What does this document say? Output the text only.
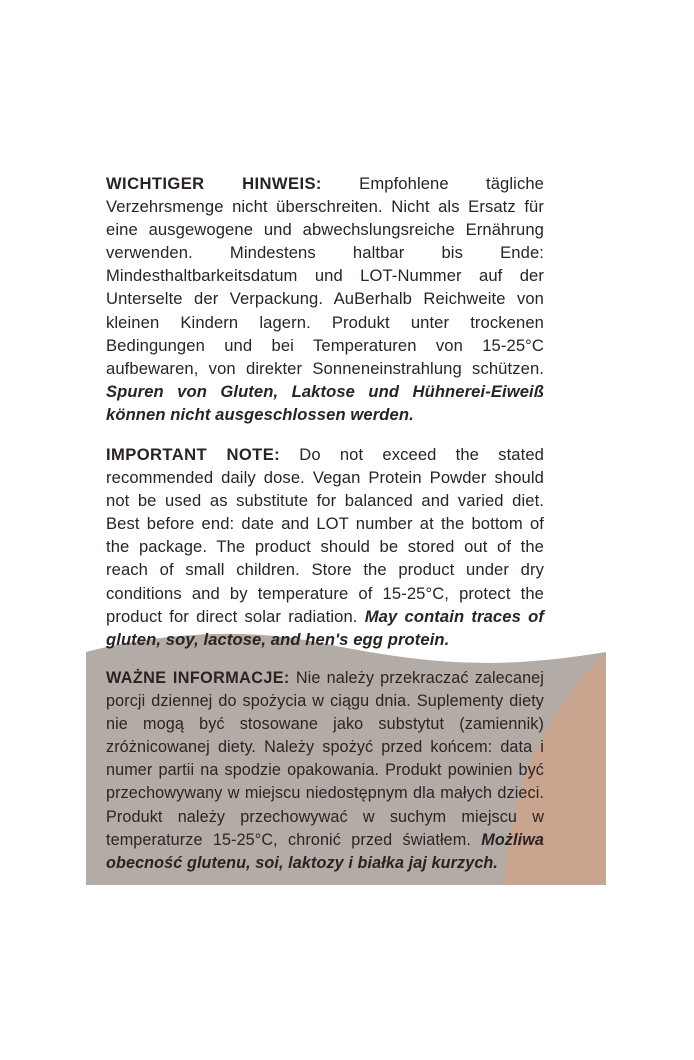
WICHTIGER HINWEIS: Empfohlene tägliche Verzehrsmenge nicht überschreiten. Nicht als Ersatz für eine ausgewogene und abwechslungsreiche Ernährung verwenden. Mindestens haltbar bis Ende: Mindesthaltbarkeitsdatum und LOT-Nummer auf der Unterselte der Verpackung. AuBerhalb Reichweite von kleinen Kindern lagern. Produkt unter trockenen Bedingungen und bei Temperaturen von 15-25°C aufbewaren, von direkter Sonneneinstrahlung schützen. Spuren von Gluten, Laktose und Hühnerei-Eiweiß können nicht ausgeschlossen werden.
IMPORTANT NOTE: Do not exceed the stated recommended daily dose. Vegan Protein Powder should not be used as substitute for balanced and varied diet. Best before end: date and LOT number at the bottom of the package. The product should be stored out of the reach of small children. Store the product under dry conditions and by temperature of 15-25°C, protect the product for direct solar radiation. May contain traces of gluten, soy, lactose, and hen's egg protein.
WAŻNE INFORMACJE: Nie należy przekraczać zalecanej porcji dziennej do spożycia w ciągu dnia. Suplementy diety nie mogą być stosowane jako substytut (zamiennik) zróżnicowanej diety. Należy spożyć przed końcem: data i numer partii na spodzie opakowania. Produkt powinien być przechowywany w miejscu niedostępnym dla małych dzieci. Produkt należy przechowywać w suchym miejscu w temperaturze 15-25°C, chronić przed światłem. Możliwa obecność glutenu, soi, laktozy i białka jaj kurzych.
